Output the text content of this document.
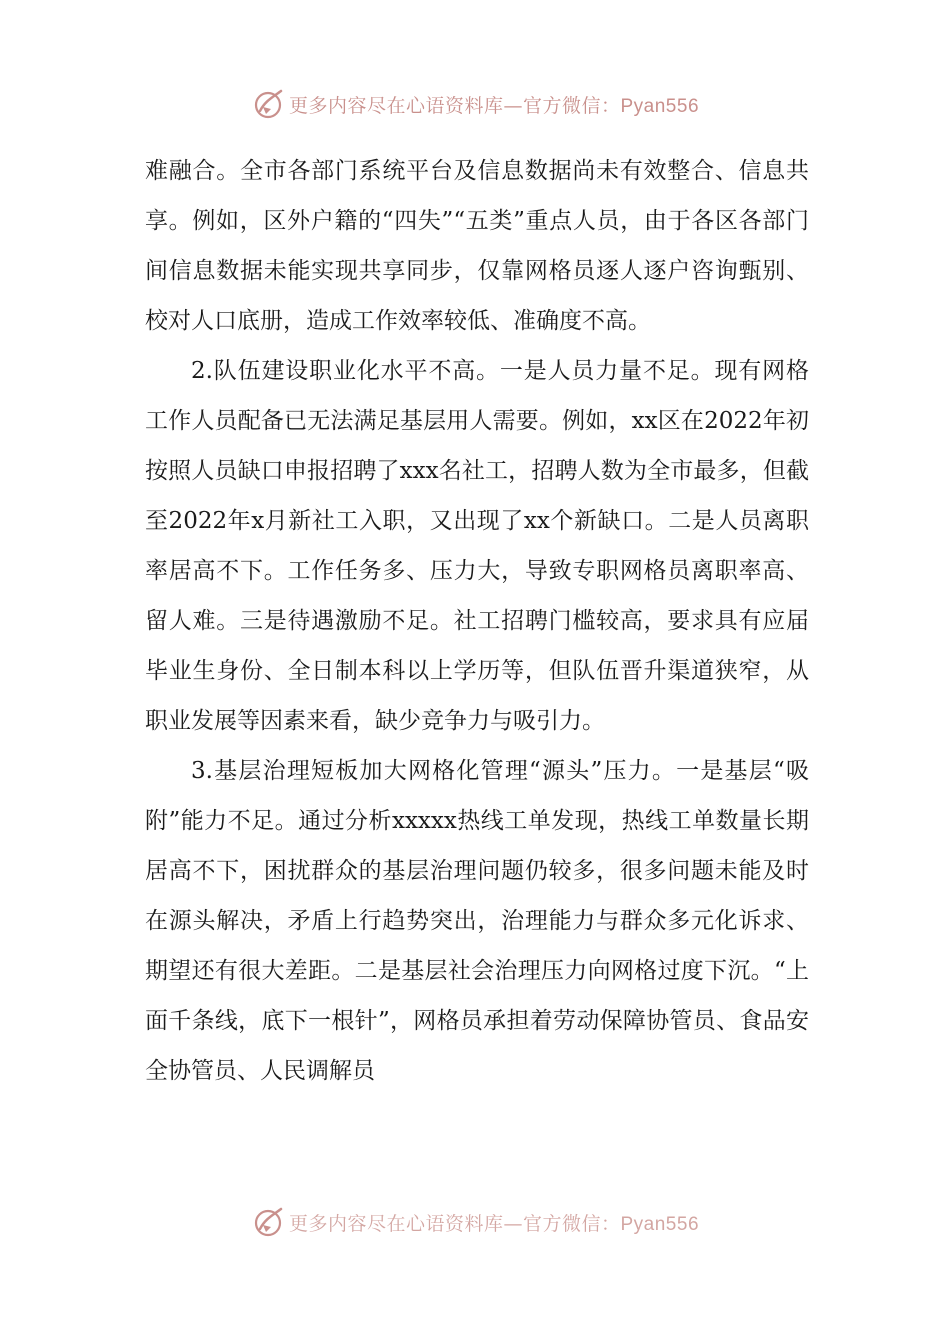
更多内容尽在心语资料库—官方微信：Pyan556

难融合。全市各部门系统平台及信息数据尚未有效整合、信息共享。例如，区外户籍的“四失”“五类”重点人员，由于各区各部门间信息数据未能实现共享同步，仅靠网格员逐人逐户咨询甄别、校对人口底册，造成工作效率较低、准确度不高。

2.队伍建设职业化水平不高。一是人员力量不足。现有网格工作人员配备已无法满足基层用人需要。例如，xx区在2022年初按照人员缺口申报招聘了xxx名社工，招聘人数为全市最多，但截至2022年x月新社工入职，又出现了xx个新缺口。二是人员离职率居高不下。工作任务多、压力大，导致专职网格员离职率高、留人难。三是待遇激励不足。社工招聘门槛较高，要求具有应届毕业生身份、全日制本科以上学历等，但队伍晋升渠道狭窄，从职业发展等因素来看，缺少竞争力与吸引力。

3.基层治理短板加大网格化管理“源头”压力。一是基层“吸附”能力不足。通过分析xxxxx热线工单发现，热线工单数量长期居高不下，困扰群众的基层治理问题仍较多，很多问题未能及时在源头解决，矛盾上行趋势突出，治理能力与群众多元化诉求、期望还有很大差距。二是基层社会治理压力向网格过度下沉。“上面千条线，底下一根针”，网格员承担着劳动保障协管员、食品安全协管员、人民调解员

更多内容尽在心语资料库—官方微信：Pyan556
